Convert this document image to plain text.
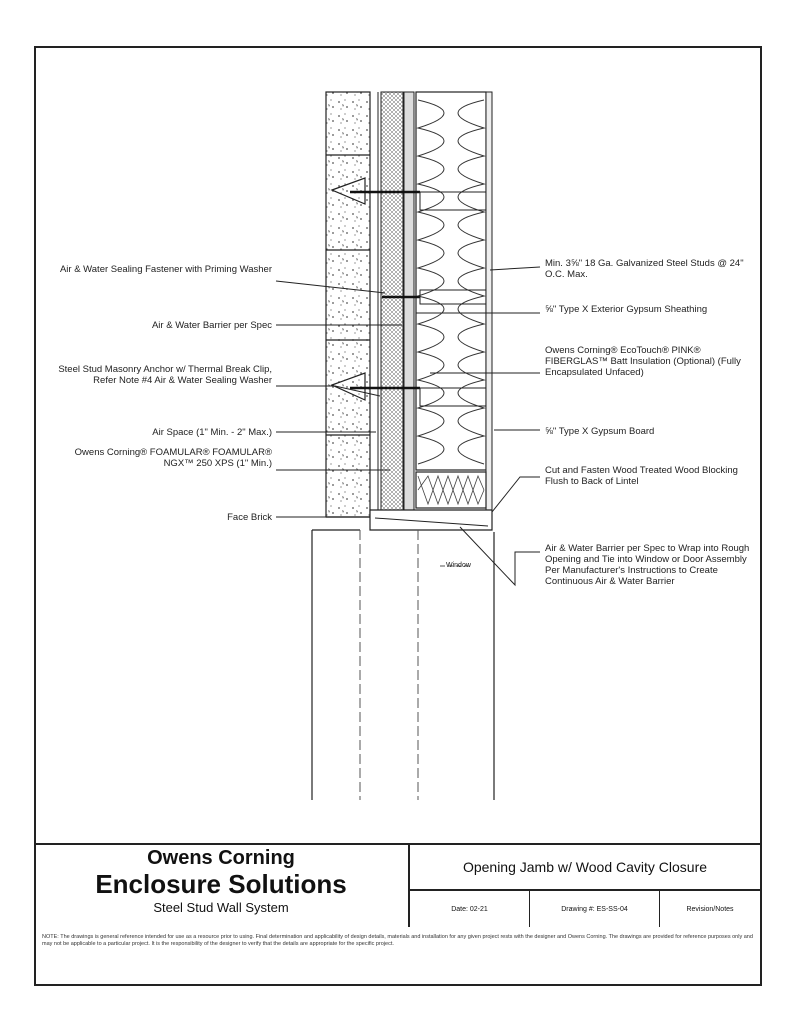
Air & Water Sealing Fastener with Priming Washer
Air & Water Barrier per Spec
Steel Stud Masonry Anchor w/ Thermal Break Clip, Refer Note #4 Air & Water Sealing Washer
Air Space (1" Min. - 2" Max.)
Owens Corning® FOAMULAR® FOAMULAR® NGX™ 250 XPS (1" Min.)
Face Brick
Min. 3⅝" 18 Ga. Galvanized Steel Studs @ 24" O.C. Max.
⅝" Type X Exterior Gypsum Sheathing
Owens Corning® EcoTouch® PINK® FIBERGLAS™ Batt Insulation (Optional) (Fully Encapsulated Unfaced)
⅝" Type X Gypsum Board
Cut and Fasten Wood Treated Wood Blocking Flush to Back of Lintel
Air & Water Barrier per Spec to Wrap into Rough Opening and Tie into Window or Door Assembly Per Manufacturer's Instructions to Create Continuous Air & Water Barrier
Window
Owens Corning
Enclosure Solutions
Steel Stud Wall System
Opening Jamb w/ Wood Cavity Closure
Date: 02-21	Drawing #: ES-SS-04	Revision/Notes
NOTE: The drawings is general reference intended for use as a resource prior to using. Final determination and applicability of design details, materials and installation for any given project rests with the designer and Owens Corning. The drawings are provided for reference purposes only and may not be applicable to a particular project. It is the responsibility of the designer to verify that the details are appropriate for the specific project.
